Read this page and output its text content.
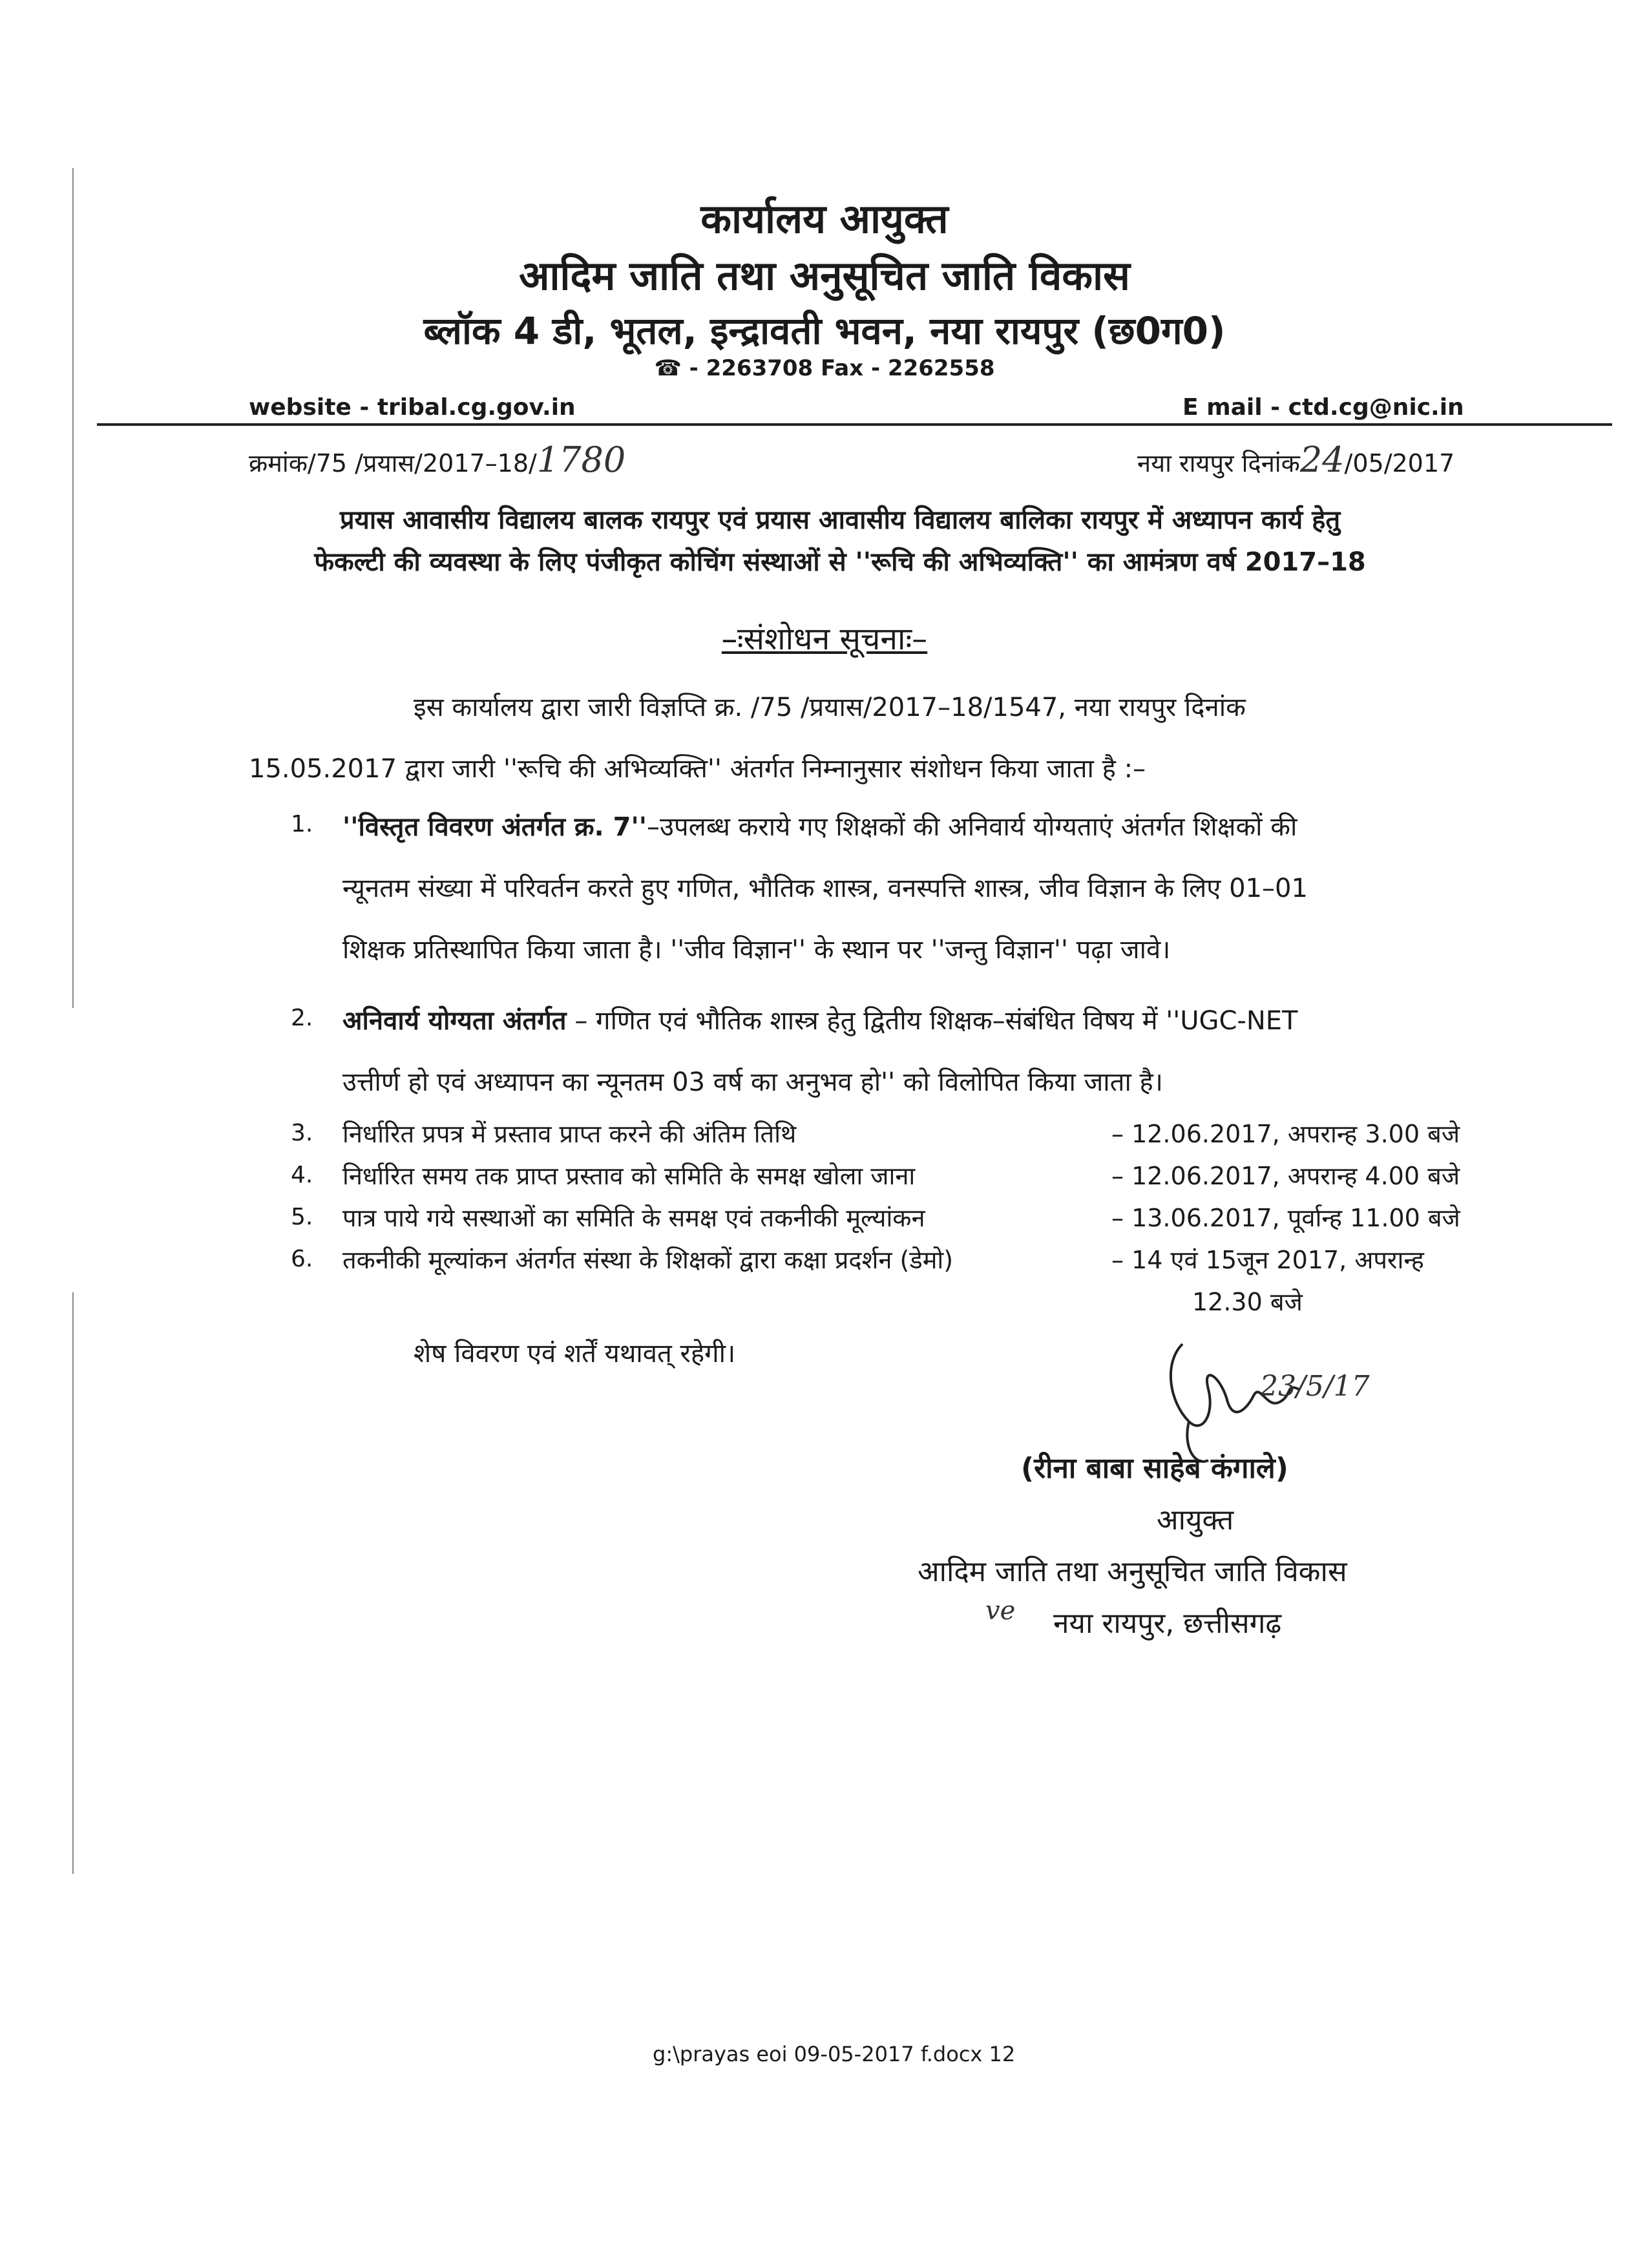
कार्यालय आयुक्त
आदिम जाति तथा अनुसूचित जाति विकास
ब्लॉक 4 डी, भूतल, इन्द्रावती भवन, नया रायपुर (छ0ग0)
☎ - 2263708 Fax - 2262558
website - tribal.cg.gov.in	E mail - ctd.cg@nic.in
क्रमांक/75 /प्रयास/2017–18/1780	नया रायपुर दिनांक24/05/2017
प्रयास आवासीय विद्यालय बालक रायपुर एवं प्रयास आवासीय विद्यालय बालिका रायपुर में अध्यापन कार्य हेतु
फेकल्टी की व्यवस्था के लिए पंजीकृत कोचिंग संस्थाओं से ''रूचि की अभिव्यक्ति'' का आमंत्रण वर्ष 2017–18
–ःसंशोधन सूचनाः–
इस कार्यालय द्वारा जारी विज्ञप्ति क्र. /75 /प्रयास/2017–18/1547, नया रायपुर दिनांक
15.05.2017 द्वारा जारी ''रूचि की अभिव्यक्ति'' अंतर्गत निम्नानुसार संशोधन किया जाता है :–
1. ''विस्तृत विवरण अंतर्गत क्र. 7''–उपलब्ध कराये गए शिक्षकों की अनिवार्य योग्यताएं अंतर्गत शिक्षकों की
न्यूनतम संख्या में परिवर्तन करते हुए गणित, भौतिक शास्त्र, वनस्पत्ति शास्त्र, जीव विज्ञान के लिए 01–01
शिक्षक प्रतिस्थापित किया जाता है। ''जीव विज्ञान'' के स्थान पर ''जन्तु विज्ञान'' पढ़ा जावे।
2. अनिवार्य योग्यता अंतर्गत – गणित एवं भौतिक शास्त्र हेतु द्वितीय शिक्षक–संबंधित विषय में ''UGC-NET
उत्तीर्ण हो एवं अध्यापन का न्यूनतम 03 वर्ष का अनुभव हो'' को विलोपित किया जाता है।
3. निर्धारित प्रपत्र में प्रस्ताव प्राप्त करने की अंतिम तिथि	– 12.06.2017, अपरान्ह 3.00 बजे
4. निर्धारित समय तक प्राप्त प्रस्ताव को समिति के समक्ष खोला जाना	– 12.06.2017, अपरान्ह 4.00 बजे
5. पात्र पाये गये सस्थाओं का समिति के समक्ष एवं तकनीकी मूल्यांकन	– 13.06.2017, पूर्वान्ह 11.00 बजे
6. तकनीकी मूल्यांकन अंतर्गत संस्था के शिक्षकों द्वारा कक्षा प्रदर्शन (डेमो)	– 14 एवं 15जून 2017, अपरान्ह
12.30 बजे
शेष विवरण एवं शर्तें यथावत् रहेगी।
23/5/17
(रीना बाबा साहेब कंगाले)
आयुक्त
आदिम जाति तथा अनुसूचित जाति विकास
ve नया रायपुर, छत्तीसगढ़
g:\prayas eoi 09-05-2017 f.docx 12
